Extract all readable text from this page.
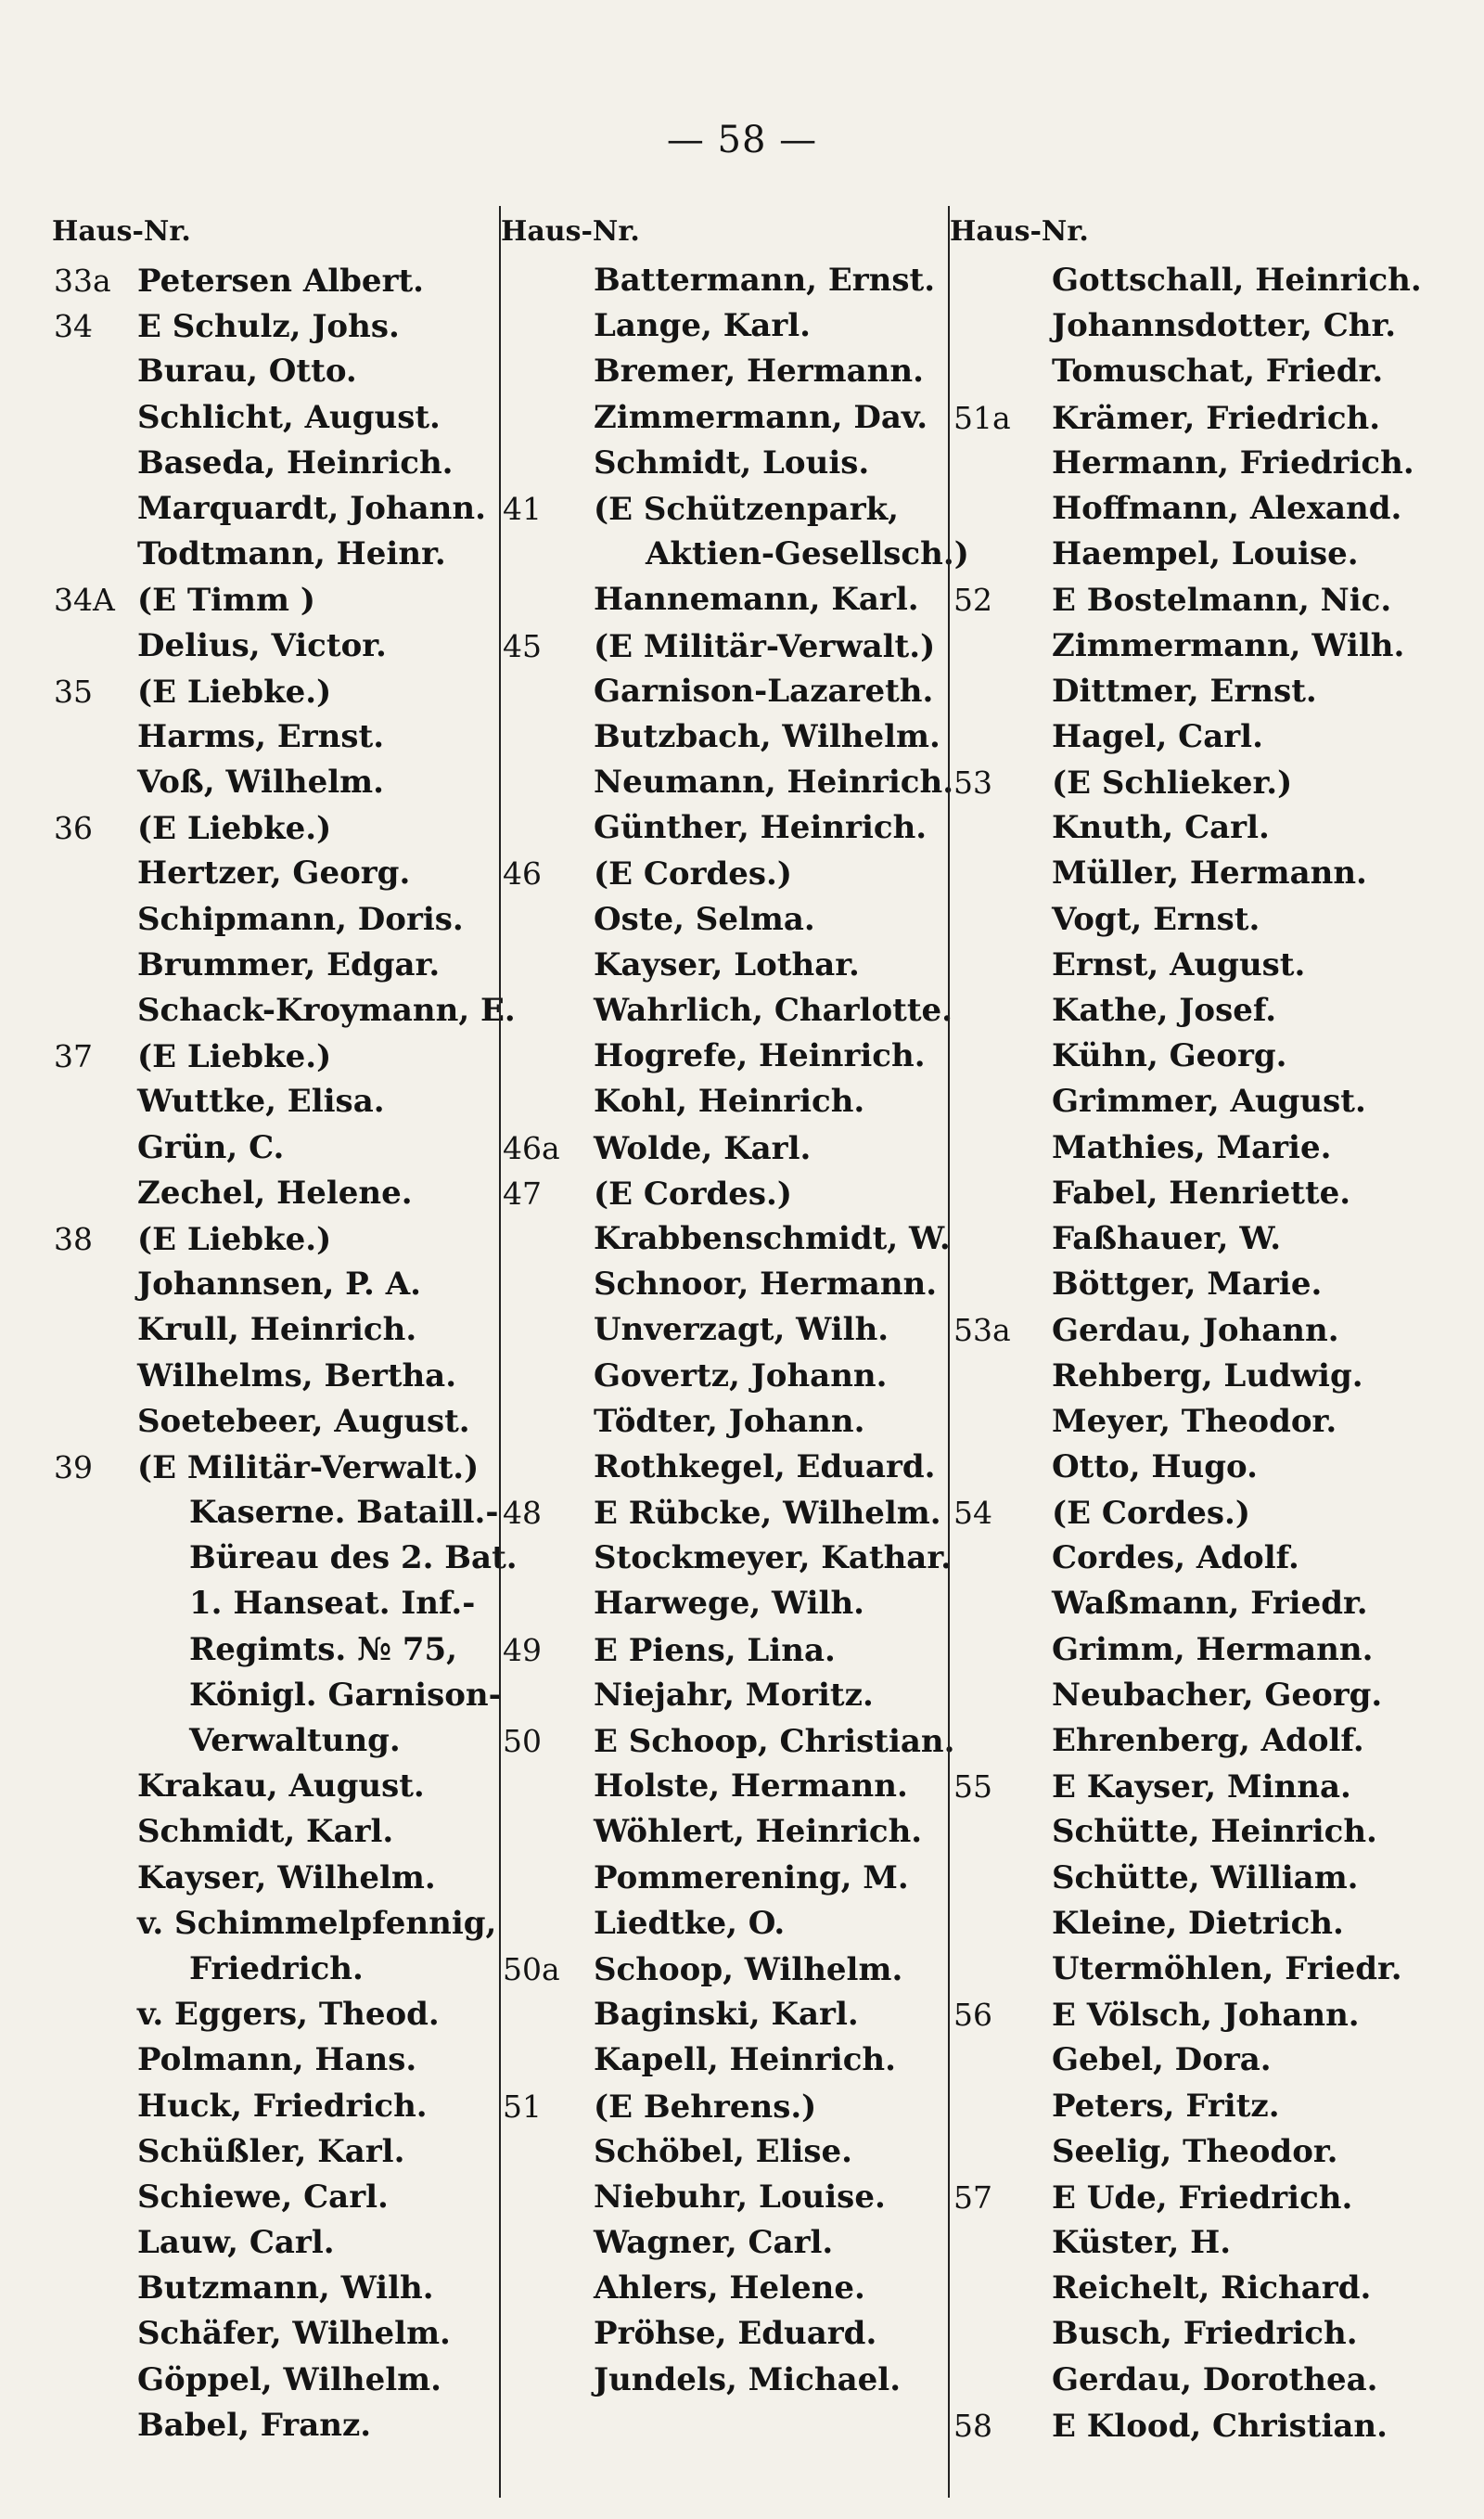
— 58 —
Haus-Nr.
33a Petersen Albert.
34 E Schulz, Johs.
Burau, Otto.
Schlicht, August.
Baseda, Heinrich.
Marquardt, Johann.
Todtmann, Heinr.
34A (E Timm )
Delius, Victor.
35 (E Liebke.)
Harms, Ernst.
Voß, Wilhelm.
36 (E Liebke.)
Hertzer, Georg.
Schipmann, Doris.
Brummer, Edgar.
Schack-Kroymann, E.
37 (E Liebke.)
Wuttke, Elisa.
Grün, C.
Zechel, Helene.
38 (E Liebke.)
Johannsen, P. A.
Krull, Heinrich.
Wilhelms, Bertha.
Soetebeer, August.
39 (E Militär-Verwalt.)
Kaserne. Bataill.-
Büreau des 2. Bat.
1. Hanseat. Inf.-
Regimts. № 75,
Königl. Garnison-
Verwaltung.
Krakau, August.
Schmidt, Karl.
Kayser, Wilhelm.
v. Schimmelpfennig,
Friedrich.
v. Eggers, Theod.
Polmann, Hans.
Huck, Friedrich.
Schüßler, Karl.
Schiewe, Carl.
Lauw, Carl.
Butzmann, Wilh.
Schäfer, Wilhelm.
Göppel, Wilhelm.
Babel, Franz.
Haus-Nr.
Battermann, Ernst.
Lange, Karl.
Bremer, Hermann.
Zimmermann, Dav.
Schmidt, Louis.
41 (E Schützenpark,
Aktien-Gesellsch.)
Hannemann, Karl.
45 (E Militär-Verwalt.)
Garnison-Lazareth.
Butzbach, Wilhelm.
Neumann, Heinrich.
Günther, Heinrich.
46 (E Cordes.)
Oste, Selma.
Kayser, Lothar.
Wahrlich, Charlotte.
Hogrefe, Heinrich.
Kohl, Heinrich.
46a Wolde, Karl.
47 (E Cordes.)
Krabbenschmidt, W.
Schnoor, Hermann.
Unverzagt, Wilh.
Govertz, Johann.
Tödter, Johann.
Rothkegel, Eduard.
48 E Rübcke, Wilhelm.
Stockmeyer, Kathar.
Harwege, Wilh.
49 E Piens, Lina.
Niejahr, Moritz.
50 E Schoop, Christian.
Holste, Hermann.
Wöhlert, Heinrich.
Pommerening, M.
Liedtke, O.
50a Schoop, Wilhelm.
Baginski, Karl.
Kapell, Heinrich.
51 (E Behrens.)
Schöbel, Elise.
Niebuhr, Louise.
Wagner, Carl.
Ahlers, Helene.
Pröhse, Eduard.
Jundels, Michael.
Haus-Nr.
Gottschall, Heinrich.
Johannsdotter, Chr.
Tomuschat, Friedr.
51a Krämer, Friedrich.
Hermann, Friedrich.
Hoffmann, Alexand.
Haempel, Louise.
52 E Bostelmann, Nic.
Zimmermann, Wilh.
Dittmer, Ernst.
Hagel, Carl.
53 (E Schlieker.)
Knuth, Carl.
Müller, Hermann.
Vogt, Ernst.
Ernst, August.
Kathe, Josef.
Kühn, Georg.
Grimmer, August.
Mathies, Marie.
Fabel, Henriette.
Faßhauer, W.
Böttger, Marie.
53a Gerdau, Johann.
Rehberg, Ludwig.
Meyer, Theodor.
Otto, Hugo.
54 (E Cordes.)
Cordes, Adolf.
Waßmann, Friedr.
Grimm, Hermann.
Neubacher, Georg.
Ehrenberg, Adolf.
55 E Kayser, Minna.
Schütte, Heinrich.
Schütte, William.
Kleine, Dietrich.
Utermöhlen, Friedr.
56 E Völsch, Johann.
Gebel, Dora.
Peters, Fritz.
Seelig, Theodor.
57 E Ude, Friedrich.
Küster, H.
Reichelt, Richard.
Busch, Friedrich.
Gerdau, Dorothea.
58 E Klood, Christian.
